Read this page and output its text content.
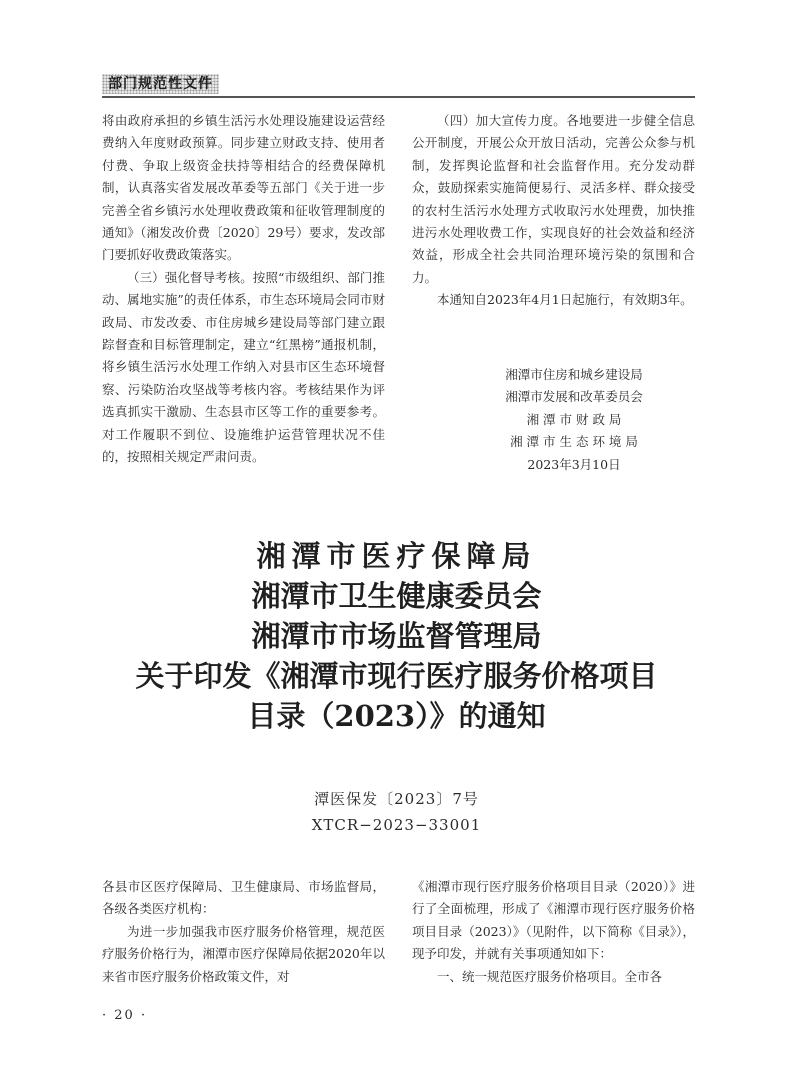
部门规范性文件

将由政府承担的乡镇生活污水处理设施建设运营经费纳入年度财政预算。同步建立财政支持、使用者付费、争取上级资金扶持等相结合的经费保障机制，认真落实省发展改革委等五部门《关于进一步完善全省乡镇污水处理收费政策和征收管理制度的通知》（湘发改价费〔2020〕29号）要求，发改部门要抓好收费政策落实。

（三）强化督导考核。按照“市级组织、部门推动、属地实施”的责任体系，市生态环境局会同市财政局、市发改委、市住房城乡建设局等部门建立跟踪督查和目标管理制定，建立“红黑榜”通报机制，将乡镇生活污水处理工作纳入对县市区生态环境督察、污染防治攻坚战等考核内容。考核结果作为评选真抓实干激励、生态县市区等工作的重要参考。对工作履职不到位、设施维护运营管理状况不佳的，按照相关规定严肃问责。

（四）加大宣传力度。各地要进一步健全信息公开制度，开展公众开放日活动，完善公众参与机制，发挥舆论监督和社会监督作用。充分发动群众，鼓励探索实施简便易行、灵活多样、群众接受的农村生活污水处理方式收取污水处理费，加快推进污水处理收费工作，实现良好的社会效益和经济效益，形成全社会共同治理环境污染的氛围和合力。

本通知自2023年4月1日起施行，有效期3年。

湘潭市住房和城乡建设局
湘潭市发展和改革委员会
湘 潭 市 财 政 局
湘 潭 市 生 态 环 境 局
2023年3月10日
湘潭市医疗保障局
湘潭市卫生健康委员会
湘潭市市场监督管理局
关于印发《湘潭市现行医疗服务价格项目
目录（2023）》的通知
潭医保发〔2023〕7号
XTCR−2023−33001

各县市区医疗保障局、卫生健康局、市场监督局，各级各类医疗机构：

为进一步加强我市医疗服务价格管理，规范医疗服务价格行为，湘潭市医疗保障局依据2020年以来省市医疗服务价格政策文件，对

《湘潭市现行医疗服务价格项目目录（2020）》进行了全面梳理，形成了《湘潭市现行医疗服务价格项目目录（2023）》（见附件，以下简称《目录》），现予印发，并就有关事项通知如下：

一、统一规范医疗服务价格项目。全市各

· 20 ·
